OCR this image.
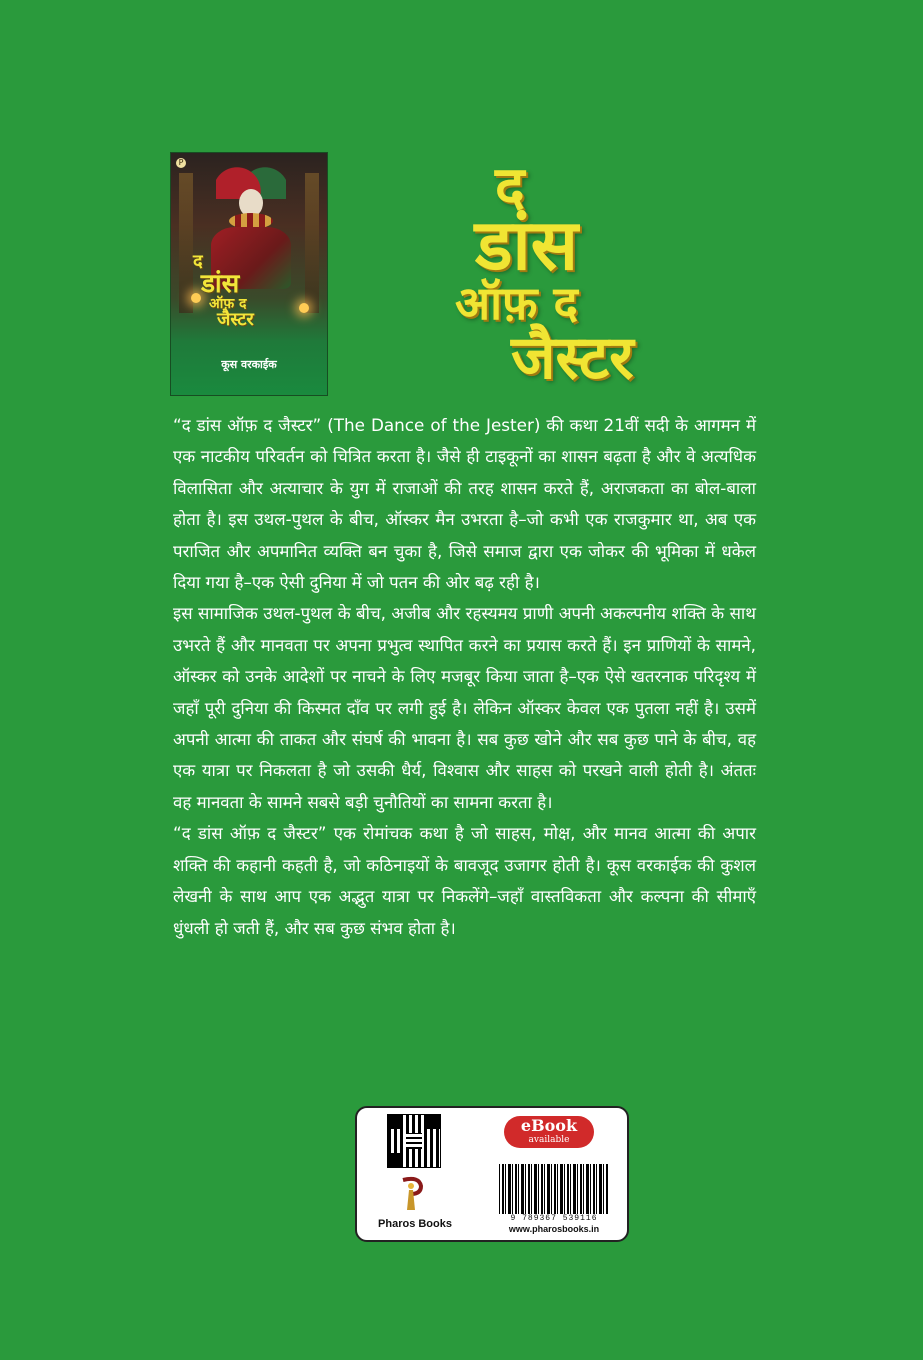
P
द
डांस
ऑफ़ द
जैस्टर
कूस वरकाईक
द
डांस
ऑफ़ द
जैस्टर

“द डांस ऑफ़ द जैस्टर” (The Dance of the Jester) की कथा 21वीं सदी के आगमन में एक नाटकीय परिवर्तन को चित्रित करता है। जैसे ही टाइकूनों का शासन बढ़ता है और वे अत्यधिक विलासिता और अत्याचार के युग में राजाओं की तरह शासन करते हैं, अराजकता का बोल-बाला होता है। इस उथल-पुथल के बीच, ऑस्कर मैन उभरता है–जो कभी एक राजकुमार था, अब एक पराजित और अपमानित व्यक्ति बन चुका है, जिसे समाज द्वारा एक जोकर की भूमिका में धकेल दिया गया है–एक ऐसी दुनिया में जो पतन की ओर बढ़ रही है।

इस सामाजिक उथल-पुथल के बीच, अजीब और रहस्यमय प्राणी अपनी अकल्पनीय शक्ति के साथ उभरते हैं और मानवता पर अपना प्रभुत्व स्थापित करने का प्रयास करते हैं। इन प्राणियों के सामने, ऑस्कर को उनके आदेशों पर नाचने के लिए मजबूर किया जाता है–एक ऐसे खतरनाक परिदृश्य में जहाँ पूरी दुनिया की किस्मत दाँव पर लगी हुई है। लेकिन ऑस्कर केवल एक पुतला नहीं है। उसमें अपनी आत्मा की ताकत और संघर्ष की भावना है। सब कुछ खोने और सब कुछ पाने के बीच, वह एक यात्रा पर निकलता है जो उसकी धैर्य, विश्वास और साहस को परखने वाली होती है। अंततः वह मानवता के सामने सबसे बड़ी चुनौतियों का सामना करता है।

“द डांस ऑफ़ द जैस्टर” एक रोमांचक कथा है जो साहस, मोक्ष, और मानव आत्मा की अपार शक्ति की कहानी कहती है, जो कठिनाइयों के बावजूद उजागर होती है। कूस वरकाईक की कुशल लेखनी के साथ आप एक अद्भुत यात्रा पर निकलेंगे–जहाँ वास्तविकता और कल्पना की सीमाएँ धुंधली हो जती हैं, और सब कुछ संभव होता है।

eBook
available
Pharos Books	9 789367 539116
www.pharosbooks.in
